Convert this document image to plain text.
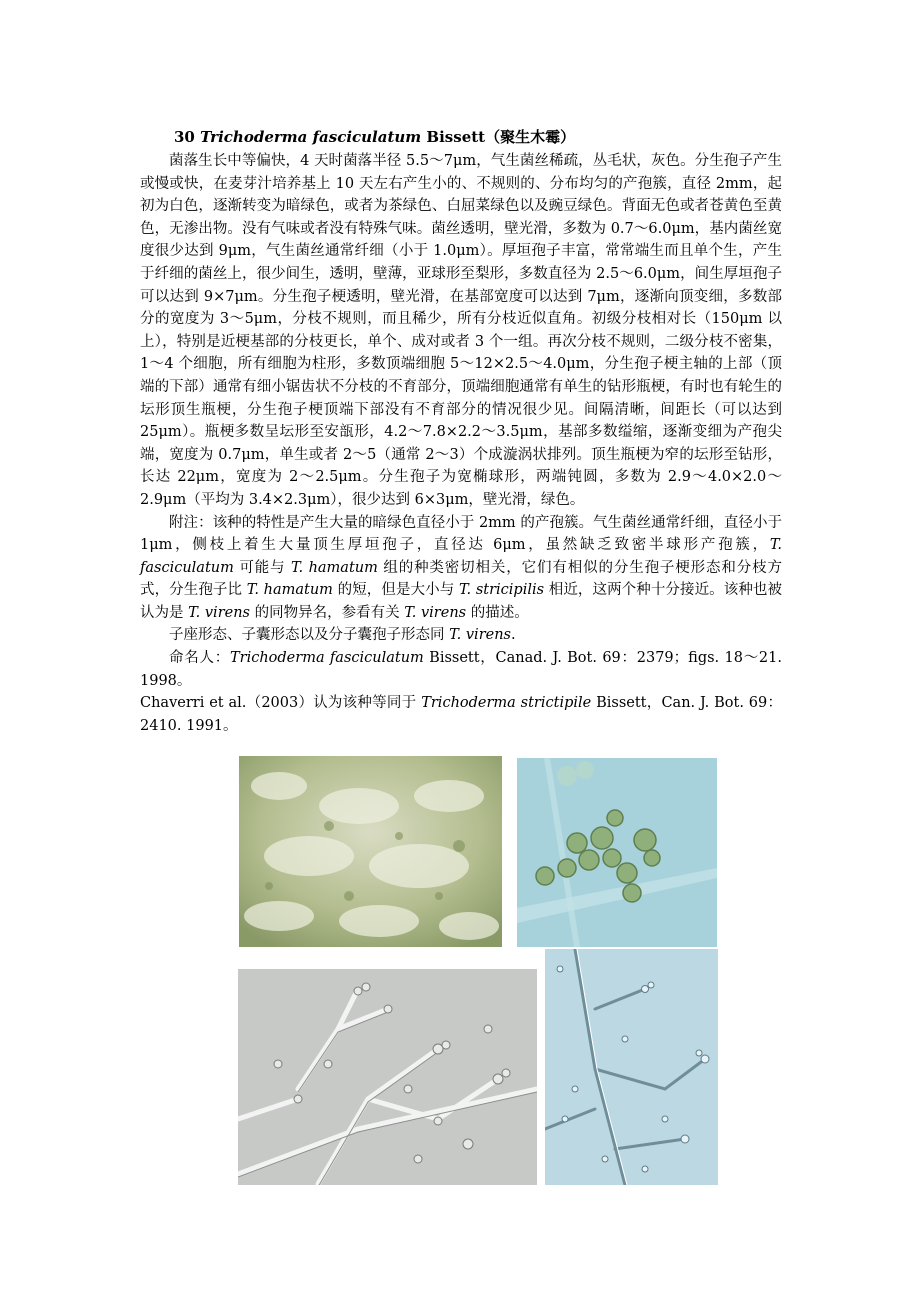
30 Trichoderma fasciculatum Bissett（聚生木霉）

菌落生长中等偏快，4 天时菌落半径 5.5～7μm，气生菌丝稀疏，丛毛状，灰色。分生孢子产生或慢或快，在麦芽汁培养基上 10 天左右产生小的、不规则的、分布均匀的产孢簇，直径 2mm，起初为白色，逐渐转变为暗绿色，或者为茶绿色、白屈菜绿色以及豌豆绿色。背面无色或者苍黄色至黄色，无渗出物。没有气味或者没有特殊气味。菌丝透明，壁光滑，多数为 0.7～6.0μm，基内菌丝宽度很少达到 9μm，气生菌丝通常纤细（小于 1.0μm）。厚垣孢子丰富，常常端生而且单个生，产生于纤细的菌丝上，很少间生，透明，壁薄，亚球形至梨形，多数直径为 2.5～6.0μm，间生厚垣孢子可以达到 9×7μm。分生孢子梗透明，壁光滑，在基部宽度可以达到 7μm，逐渐向顶变细，多数部分的宽度为 3～5μm，分枝不规则，而且稀少，所有分枝近似直角。初级分枝相对长（150μm 以上），特别是近梗基部的分枝更长，单个、成对或者 3 个一组。再次分枝不规则，二级分枝不密集，1～4 个细胞，所有细胞为柱形，多数顶端细胞 5～12×2.5～4.0μm，分生孢子梗主轴的上部（顶端的下部）通常有细小锯齿状不分枝的不育部分，顶端细胞通常有单生的钻形瓶梗，有时也有轮生的坛形顶生瓶梗，分生孢子梗顶端下部没有不育部分的情况很少见。间隔清晰，间距长（可以达到 25μm）。瓶梗多数呈坛形至安瓿形，4.2～7.8×2.2～3.5μm，基部多数缢缩，逐渐变细为产孢尖端，宽度为 0.7μm，单生或者 2～5（通常 2～3）个成漩涡状排列。顶生瓶梗为窄的坛形至钻形，长达 22μm，宽度为 2～2.5μm。分生孢子为宽椭球形，两端钝圆，多数为 2.9～4.0×2.0～2.9μm（平均为 3.4×2.3μm），很少达到 6×3μm，壁光滑，绿色。

附注：该种的特性是产生大量的暗绿色直径小于 2mm 的产孢簇。气生菌丝通常纤细，直径小于 1μm，侧枝上着生大量顶生厚垣孢子，直径达 6μm，虽然缺乏致密半球形产孢簇，T. fasciculatum 可能与 T. hamatum 组的种类密切相关，它们有相似的分生孢子梗形态和分枝方式，分生孢子比 T. hamatum 的短，但是大小与 T. stricipilis 相近，这两个种十分接近。该种也被认为是 T. virens 的同物异名，参看有关 T. virens 的描述。

子座形态、子囊形态以及分子囊孢子形态同 T. virens.

命名人：Trichoderma fasciculatum Bissett，Canad. J. Bot. 69：2379；figs. 18～21. 1998。
Chaverri et al.（2003）认为该种等同于 Trichoderma strictipile Bissett，Can. J. Bot. 69：2410. 1991。
